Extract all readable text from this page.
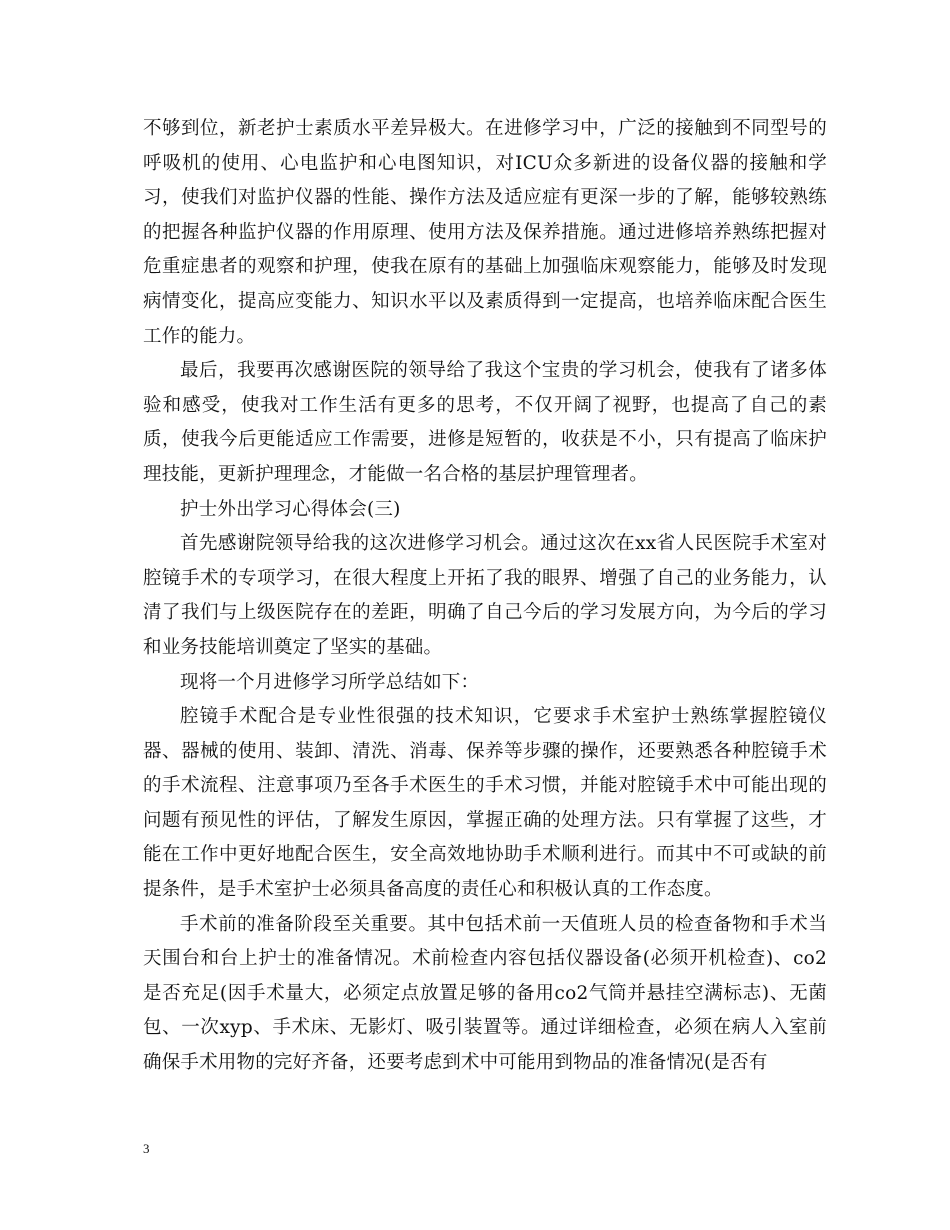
不够到位，新老护士素质水平差异极大。在进修学习中，广泛的接触到不同型号的呼吸机的使用、心电监护和心电图知识，对ICU众多新进的设备仪器的接触和学习，使我们对监护仪器的性能、操作方法及适应症有更深一步的了解，能够较熟练的把握各种监护仪器的作用原理、使用方法及保养措施。通过进修培养熟练把握对危重症患者的观察和护理，使我在原有的基础上加强临床观察能力，能够及时发现病情变化，提高应变能力、知识水平以及素质得到一定提高，也培养临床配合医生工作的能力。

最后，我要再次感谢医院的领导给了我这个宝贵的学习机会，使我有了诸多体验和感受，使我对工作生活有更多的思考，不仅开阔了视野，也提高了自己的素质，使我今后更能适应工作需要，进修是短暂的，收获是不小，只有提高了临床护理技能，更新护理理念，才能做一名合格的基层护理管理者。

护士外出学习心得体会(三)

首先感谢院领导给我的这次进修学习机会。通过这次在xx省人民医院手术室对腔镜手术的专项学习，在很大程度上开拓了我的眼界、增强了自己的业务能力，认清了我们与上级医院存在的差距，明确了自己今后的学习发展方向，为今后的学习和业务技能培训奠定了坚实的基础。

现将一个月进修学习所学总结如下：

腔镜手术配合是专业性很强的技术知识，它要求手术室护士熟练掌握腔镜仪器、器械的使用、装卸、清洗、消毒、保养等步骤的操作，还要熟悉各种腔镜手术的手术流程、注意事项乃至各手术医生的手术习惯，并能对腔镜手术中可能出现的问题有预见性的评估，了解发生原因，掌握正确的处理方法。只有掌握了这些，才能在工作中更好地配合医生，安全高效地协助手术顺利进行。而其中不可或缺的前提条件，是手术室护士必须具备高度的责任心和积极认真的工作态度。

手术前的准备阶段至关重要。其中包括术前一天值班人员的检查备物和手术当天围台和台上护士的准备情况。术前检查内容包括仪器设备(必须开机检查)、co2是否充足(因手术量大，必须定点放置足够的备用co2气筒并悬挂空满标志)、无菌包、一次xyp、手术床、无影灯、吸引装置等。通过详细检查，必须在病人入室前确保手术用物的完好齐备，还要考虑到术中可能用到物品的准备情况(是否有

3
